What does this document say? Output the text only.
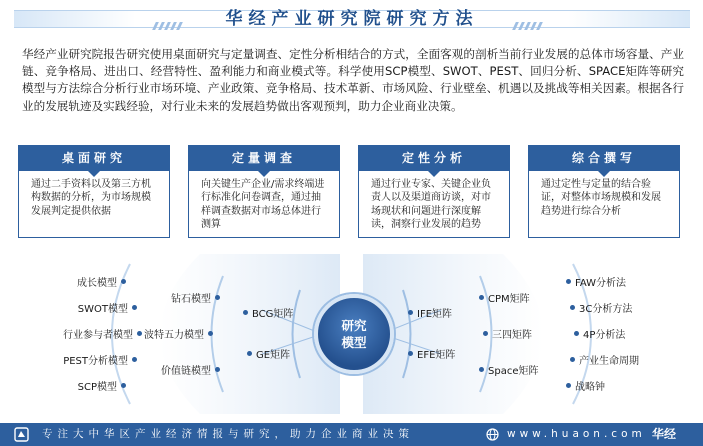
华经产业研究院研究方法
华经产业研究院报告研究使用桌面研究与定量调查、定性分析相结合的方式，全面客观的剖析当前行业发展的总体市场容量、产业链、竞争格局、进出口、经营特性、盈利能力和商业模式等。科学使用SCP模型、SWOT、PEST、回归分析、SPACE矩阵等研究模型与方法综合分析行业市场环境、产业政策、竞争格局、技术革新、市场风险、行业壁垒、机遇以及挑战等相关因素。根据各行业的发展轨迹及实践经验，对行业未来的发展趋势做出客观预判，助力企业商业决策。
桌面研究
通过二手资料以及第三方机构数据的分析，为市场规模发展判定提供依据
定量调查
向关键生产企业/需求终端进行标准化问卷调查，通过抽样调查数据对市场总体进行测算
定性分析
通过行业专家、关键企业负责人以及渠道商访谈，对市场现状和问题进行深度解读，洞察行业发展的趋势
综合撰写
通过定性与定量的结合验证，对整体市场规模和发展趋势进行综合分析
成长模型
SWOT模型
行业参与者模型
PEST分析模型
SCP模型
钻石模型
波特五力模型
价值链模型
BCG矩阵
GE矩阵
研究
模型
IFE矩阵
EFE矩阵
CPM矩阵
三四矩阵
Space矩阵
FAW分析法
3C分析方法
4P分析法
产业生命周期
战略钟
专注大中华区产业经济情报与研究，助力企业商业决策	www.huaon.com 华经
